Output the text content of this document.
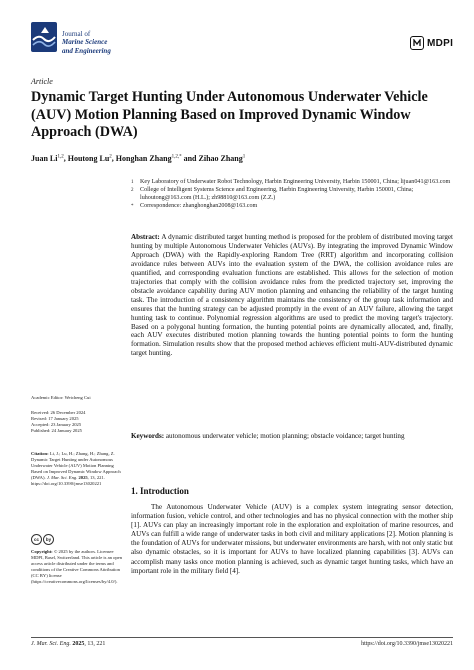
Journal of
Marine Science
and Engineering
MDPI
Article
Dynamic Target Hunting Under Autonomous Underwater Vehicle (AUV) Motion Planning Based on Improved Dynamic Window Approach (DWA)
Juan Li$^{1,2}$, Houtong Lu$^2$, Honghan Zhang$^{1,2,*}$ and Zihao Zhang$^1$
1	Key Laboratory of Underwater Robot Technology, Harbin Engineering University, Harbin 150001, China; lijuan041@163.com
2	College of Intelligent Systems Science and Engineering, Harbin Engineering University, Harbin 150001, China; luhoutong@163.com (H.L.); zh98810@163.com (Z.Z.)
*	Correspondence: zhanghonghan2008@163.com
Abstract: A dynamic distributed target hunting method is proposed for the problem of distributed moving target hunting by multiple Autonomous Underwater Vehicles (AUVs). By integrating the improved Dynamic Window Approach (DWA) with the Rapidly-exploring Random Tree (RRT) algorithm and incorporating collision avoidance rules between AUVs into the evaluation system of the DWA, the collision avoidance rules are quantified, and corresponding evaluation functions are established. This allows for the selection of motion trajectories that comply with the collision avoidance rules from the predicted trajectory set, improving the obstacle avoidance capability during AUV motion planning and enhancing the reliability of the target hunting task. The introduction of a consistency algorithm maintains the consistency of the group task information and ensures that the hunting strategy can be adjusted promptly in the event of an AUV failure, allowing the target hunting task to continue. Polynomial regression algorithms are used to predict the moving target's trajectory. Based on a polygonal hunting formation, the hunting potential points are dynamically allocated, and, finally, each AUV executes distributed motion planning towards the hunting potential points to form the hunting formation. Simulation results show that the proposed method achieves efficient multi-AUV-distributed dynamic target hunting.
Keywords: autonomous underwater vehicle; motion planning; obstacle voidance; target hunting
Academic Editor: Weicheng Cui
Received: 26 December 2024
Revised: 17 January 2025
Accepted: 23 January 2025
Published: 24 January 2025
Citation: Li, J.; Lu, H.; Zhang, H.; Zhang, Z. Dynamic Target Hunting under Autonomous Underwater Vehicle (AUV) Motion Planning Based on Improved Dynamic Window Approach (DWA). J. Mar. Sci. Eng. 2025, 13, 221. https://doi.org/10.3390/jmse13020221
cc	by
Copyright: © 2025 by the authors. Licensee MDPI, Basel, Switzerland. This article is an open access article distributed under the terms and conditions of the Creative Commons Attribution (CC BY) license (https://creativecommons.org/licenses/by/4.0/).
1. Introduction

The Autonomous Underwater Vehicle (AUV) is a complex system integrating sensor detection, information fusion, vehicle control, and other technologies and has no physical connection with the mother ship [1]. AUVs can play an increasingly important role in the exploration and exploitation of marine resources, and AUVs can fulfill a wide range of underwater tasks in both civil and military applications [2]. Motion planning is the foundation of AUVs for underwater missions, but underwater environments are harsh, with not only static but also dynamic obstacles, so it is important for AUVs to have localized planning capabilities [3]. AUVs can accomplish many tasks once motion planning is achieved, such as dynamic target hunting tasks, which have an important role in the military field [4].

J. Mar. Sci. Eng. 2025, 13, 221	https://doi.org/10.3390/jmse13020221
